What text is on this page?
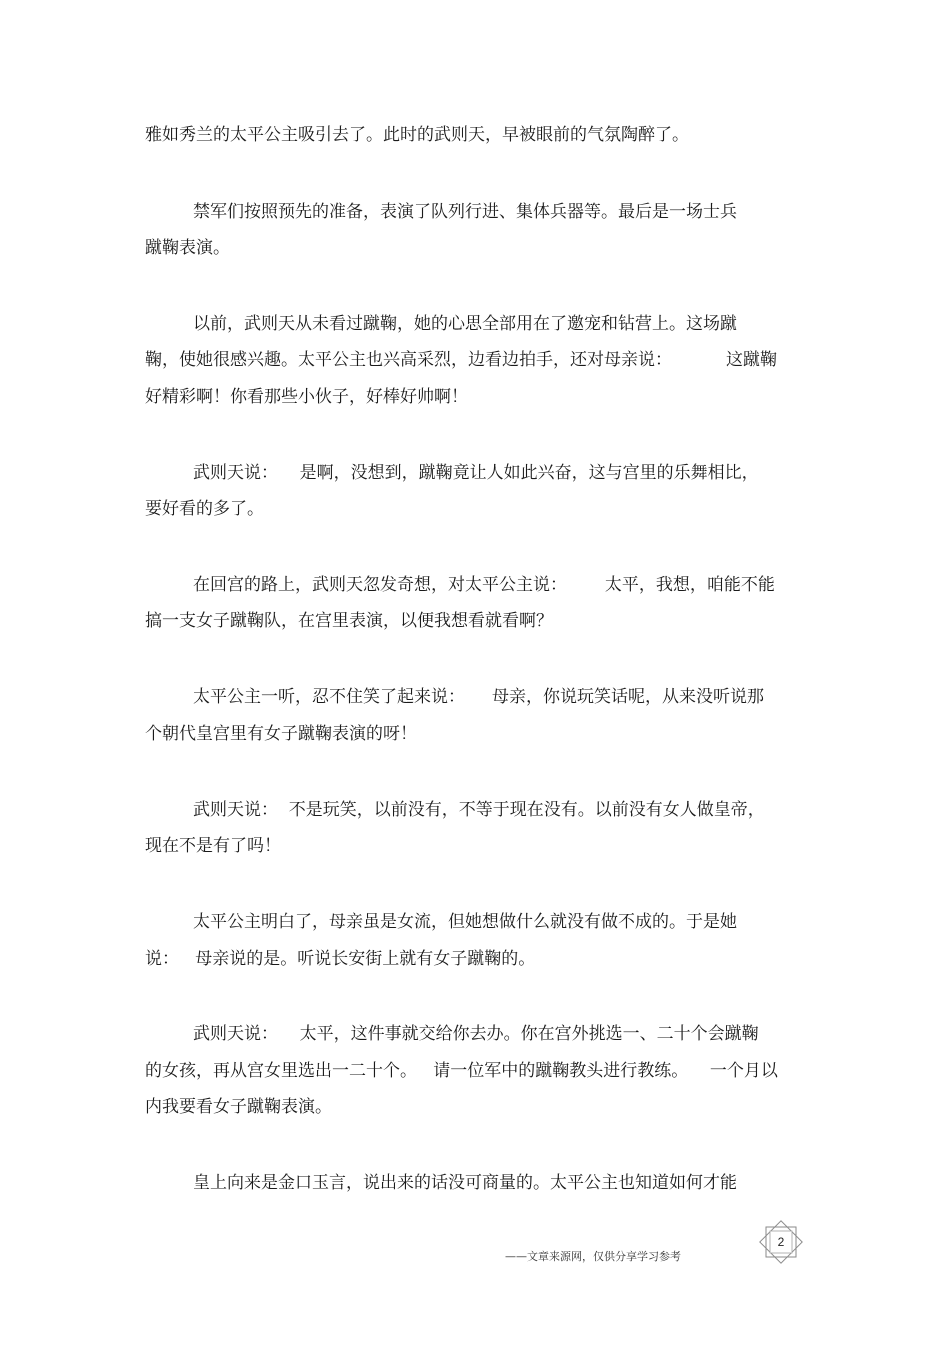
雅如秀兰的太平公主吸引去了。此时的武则天，早被眼前的气氛陶醉了。
禁军们按照预先的准备，表演了队列行进、集体兵器等。最后是一场士兵
蹴鞠表演。
以前，武则天从未看过蹴鞠，她的心思全部用在了邀宠和钻营上。这场蹴
鞠，使她很感兴趣。太平公主也兴高采烈，边看边拍手，还对母亲说：          这蹴鞠
好精彩啊！你看那些小伙子，好棒好帅啊！
武则天说：    是啊，没想到，蹴鞠竟让人如此兴奋，这与宫里的乐舞相比，
要好看的多了。
在回宫的路上，武则天忽发奇想，对太平公主说：       太平，我想，咱能不能
搞一支女子蹴鞠队，在宫里表演，以便我想看就看啊？
太平公主一听，忍不住笑了起来说：     母亲，你说玩笑话呢，从来没听说那
个朝代皇宫里有女子蹴鞠表演的呀！
武则天说：  不是玩笑，以前没有，不等于现在没有。以前没有女人做皇帝，
现在不是有了吗！
太平公主明白了，母亲虽是女流，但她想做什么就没有做不成的。于是她
说：   母亲说的是。听说长安街上就有女子蹴鞠的。
武则天说：    太平，这件事就交给你去办。你在宫外挑选一、二十个会蹴鞠
的女孩，再从宫女里选出一二十个。   请一位军中的蹴鞠教头进行教练。    一个月以
内我要看女子蹴鞠表演。
皇上向来是金口玉言，说出来的话没可商量的。太平公主也知道如何才能
——文章来源网，仅供分享学习参考
2
